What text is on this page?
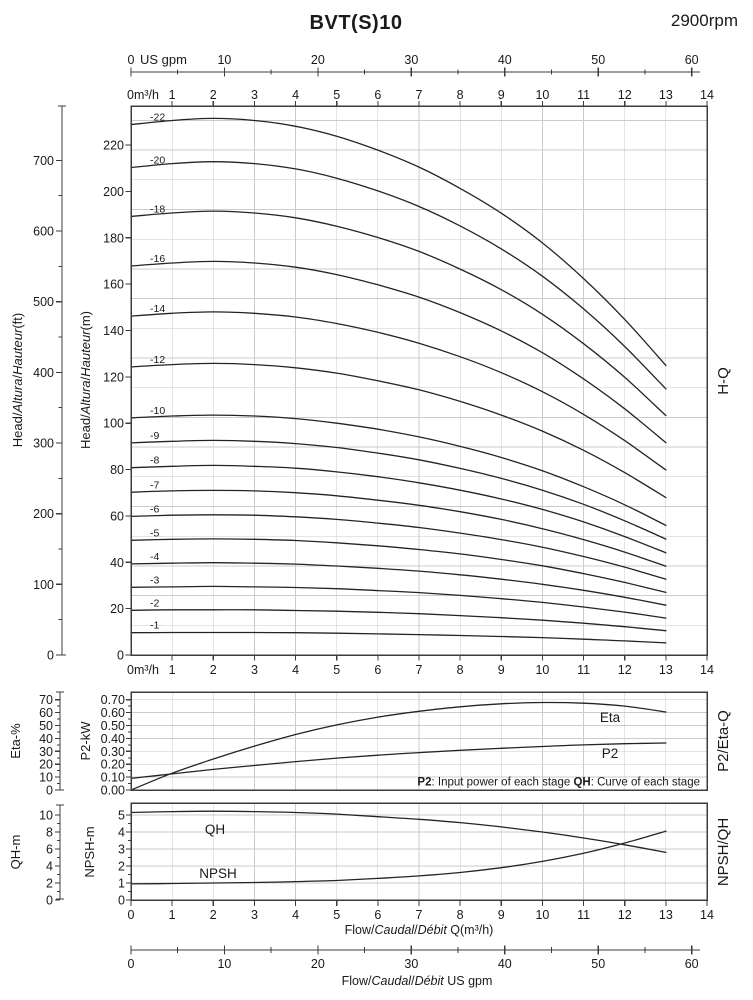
BVT(S)10	2900rpm
0	10	20	30	40	50	60
US gpm
-22
-20
-18
-16
-14
-12
-10
-9
-8
-7
-6
-5
-4
-3
-2
-1
1	2	3	4	5	6	7	8	9 10 11 12 13 14
0m³/h
1	2	3	4	5	6	7	8	9 10 11 12 13 14
0m³/h
0
20
40
60
80
100
120
140
160
180
200
220
0
100
200
300
400
500
600
700
Head/Altura/Hauteur(ft)
Head/Altura/Hauteur(m)
0
10
20
30
40
50
60
70
0.00
0.10
0.20
0.30
0.40
0.50
0.60
0.70
P2: Input power of each stage QH: Curve of each stage
0
2
4
6
8
10
0
1
2
3
4
5
0	1	2	3	4	5	6	7	8	9 10 11 12 13 14
Flow/Caudal/Débit Q(m³/h)
0	10	20	30	40	50	60
Flow/Caudal/Débit US gpm
Eta-%	P2-kW
QH-m	NPSH-m
H-Q
P2/Eta-Q
NPSH/QH
Eta
P2
QH
NPSH
